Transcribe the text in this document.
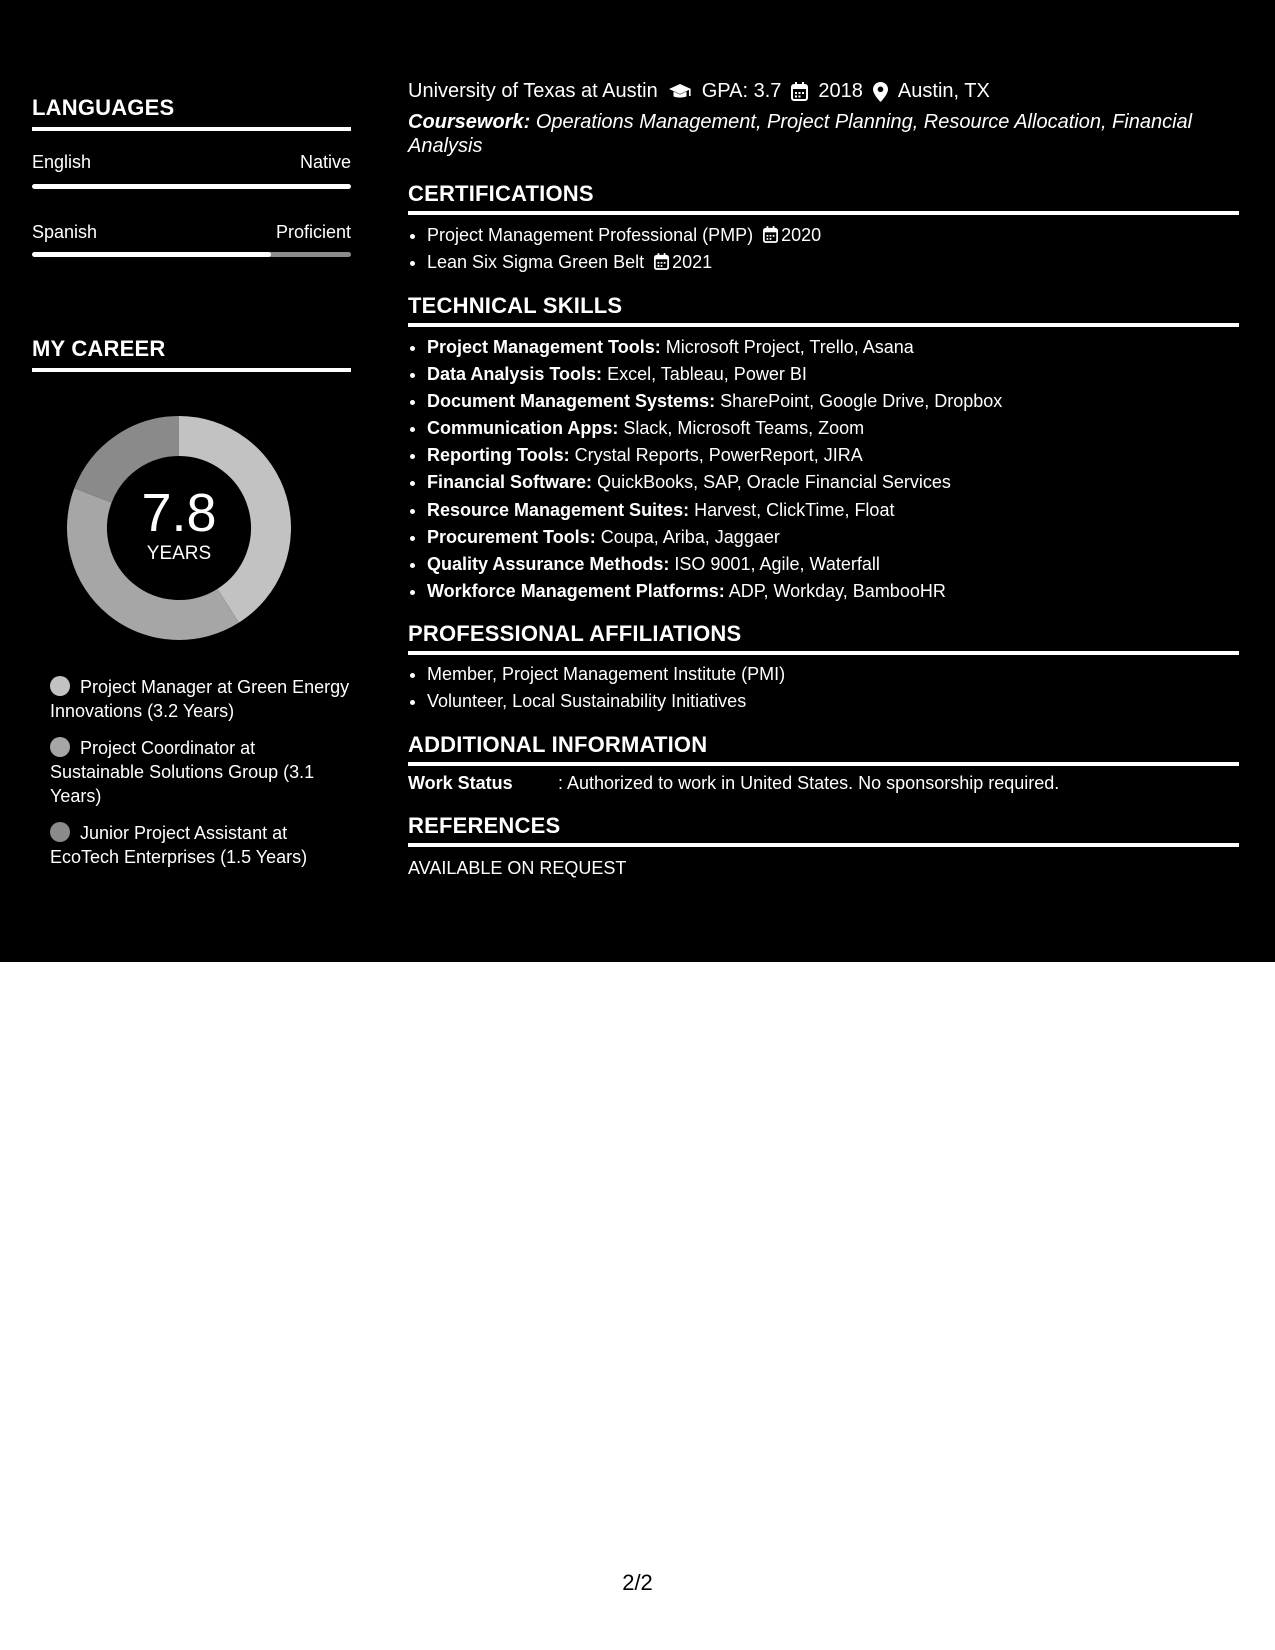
LANGUAGES
English	Native
Spanish	Proficient
MY CAREER
7.8
YEARS
Project Manager at Green Energy Innovations (3.2 Years)
Project Coordinator at Sustainable Solutions Group (3.1 Years)
Junior Project Assistant at EcoTech Enterprises (1.5 Years)
University of Texas at Austin GPA: 3.7 2018 Austin, TX
Coursework: Operations Management, Project Planning, Resource Allocation, Financial Analysis
CERTIFICATIONS
• Project Management Professional (PMP) 2020
• Lean Six Sigma Green Belt 2021
TECHNICAL SKILLS
• Project Management Tools: Microsoft Project, Trello, Asana
• Data Analysis Tools: Excel, Tableau, Power BI
• Document Management Systems: SharePoint, Google Drive, Dropbox
• Communication Apps: Slack, Microsoft Teams, Zoom
• Reporting Tools: Crystal Reports, PowerReport, JIRA
• Financial Software: QuickBooks, SAP, Oracle Financial Services
• Resource Management Suites: Harvest, ClickTime, Float
• Procurement Tools: Coupa, Ariba, Jaggaer
• Quality Assurance Methods: ISO 9001, Agile, Waterfall
• Workforce Management Platforms: ADP, Workday, BambooHR
PROFESSIONAL AFFILIATIONS
• Member, Project Management Institute (PMI)
• Volunteer, Local Sustainability Initiatives
ADDITIONAL INFORMATION
Work Status	: Authorized to work in United States. No sponsorship required.
REFERENCES
AVAILABLE ON REQUEST
2/2
